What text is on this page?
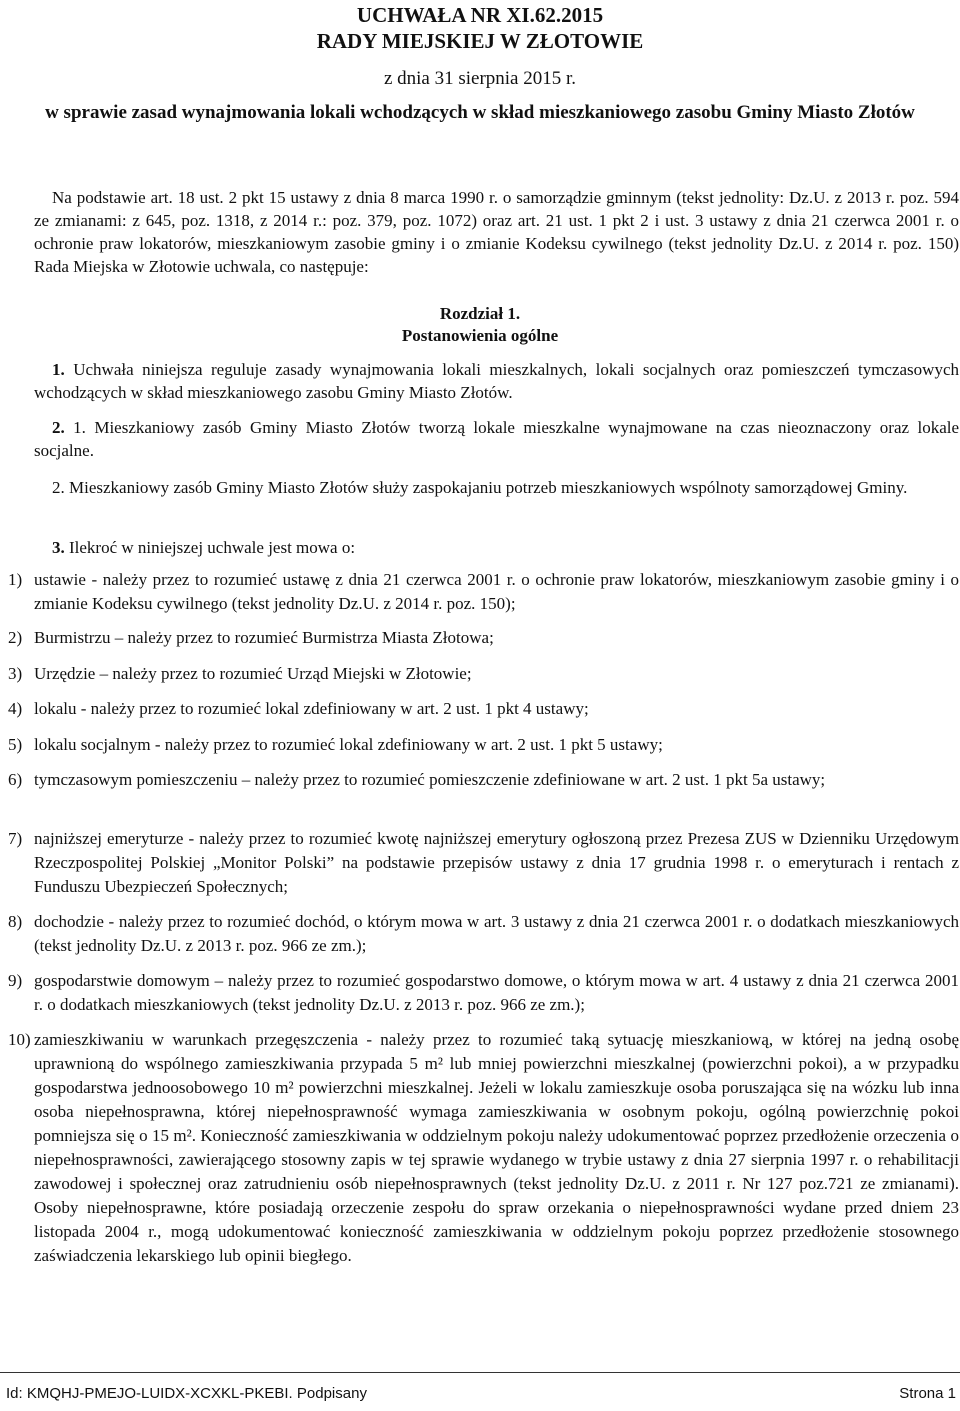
UCHWAŁA NR XI.62.2015
RADY MIEJSKIEJ W ZŁOTOWIE
z dnia 31 sierpnia 2015 r.
w sprawie zasad wynajmowania lokali wchodzących w skład mieszkaniowego zasobu Gminy Miasto Złotów
Na podstawie art. 18 ust. 2 pkt 15 ustawy z dnia 8 marca 1990 r. o samorządzie gminnym (tekst jednolity: Dz.U. z 2013 r. poz. 594 ze zmianami: z 645, poz. 1318, z 2014 r.: poz. 379, poz. 1072) oraz art. 21 ust. 1 pkt 2 i ust. 3 ustawy z dnia 21 czerwca 2001 r. o ochronie praw lokatorów, mieszkaniowym zasobie gminy i o zmianie Kodeksu cywilnego (tekst jednolity Dz.U. z 2014 r. poz. 150) Rada Miejska w Złotowie uchwala, co następuje:
Rozdział 1.
Postanowienia ogólne
1. Uchwała niniejsza reguluje zasady wynajmowania lokali mieszkalnych, lokali socjalnych oraz pomieszczeń tymczasowych wchodzących w skład mieszkaniowego zasobu Gminy Miasto Złotów.
2. 1. Mieszkaniowy zasób Gminy Miasto Złotów tworzą lokale mieszkalne wynajmowane na czas nieoznaczony oraz lokale socjalne.
2. Mieszkaniowy zasób Gminy Miasto Złotów służy zaspokajaniu potrzeb mieszkaniowych wspólnoty samorządowej Gminy.
3. Ilekroć w niniejszej uchwale jest mowa o:
1) ustawie - należy przez to rozumieć ustawę z dnia 21 czerwca 2001 r. o ochronie praw lokatorów, mieszkaniowym zasobie gminy i o zmianie Kodeksu cywilnego (tekst jednolity Dz.U. z 2014 r. poz. 150);
2) Burmistrzu – należy przez to rozumieć Burmistrza Miasta Złotowa;
3) Urzędzie – należy przez to rozumieć Urząd Miejski w Złotowie;
4) lokalu - należy przez to rozumieć lokal zdefiniowany w art. 2 ust. 1 pkt 4 ustawy;
5) lokalu socjalnym - należy przez to rozumieć lokal zdefiniowany w art. 2 ust. 1 pkt 5 ustawy;
6) tymczasowym pomieszczeniu – należy przez to rozumieć pomieszczenie zdefiniowane w art. 2 ust. 1 pkt 5a ustawy;
7) najniższej emeryturze - należy przez to rozumieć kwotę najniższej emerytury ogłoszoną przez Prezesa ZUS w Dzienniku Urzędowym Rzeczpospolitej Polskiej „Monitor Polski” na podstawie przepisów ustawy z dnia 17 grudnia 1998 r. o emeryturach i rentach z Funduszu Ubezpieczeń Społecznych;
8) dochodzie - należy przez to rozumieć dochód, o którym mowa w art. 3 ustawy z dnia 21 czerwca 2001 r. o dodatkach mieszkaniowych (tekst jednolity Dz.U. z 2013 r. poz. 966 ze zm.);
9) gospodarstwie domowym – należy przez to rozumieć gospodarstwo domowe, o którym mowa w art. 4 ustawy z dnia 21 czerwca 2001 r. o dodatkach mieszkaniowych (tekst jednolity Dz.U. z 2013 r. poz. 966 ze zm.);
10) zamieszkiwaniu w warunkach przegęszczenia - należy przez to rozumieć taką sytuację mieszkaniową, w której na jedną osobę uprawnioną do wspólnego zamieszkiwania przypada 5 m² lub mniej powierzchni mieszkalnej (powierzchni pokoi), a w przypadku gospodarstwa jednoosobowego 10 m² powierzchni mieszkalnej. Jeżeli w lokalu zamieszkuje osoba poruszająca się na wózku lub inna osoba niepełnosprawna, której niepełnosprawność wymaga zamieszkiwania w osobnym pokoju, ogólną powierzchnię pokoi pomniejsza się o 15 m². Konieczność zamieszkiwania w oddzielnym pokoju należy udokumentować poprzez przedłożenie orzeczenia o niepełnosprawności, zawierającego stosowny zapis w tej sprawie wydanego w trybie ustawy z dnia 27 sierpnia 1997 r. o rehabilitacji zawodowej i społecznej oraz zatrudnieniu osób niepełnosprawnych (tekst jednolity Dz.U. z 2011 r. Nr 127 poz.721 ze zmianami). Osoby niepełnosprawne, które posiadają orzeczenie zespołu do spraw orzekania o niepełnosprawności wydane przed dniem 23 listopada 2004 r., mogą udokumentować konieczność zamieszkiwania w oddzielnym pokoju poprzez przedłożenie stosownego zaświadczenia lekarskiego lub opinii biegłego.
Id: KMQHJ-PMEJO-LUIDX-XCXKL-PKEBI. Podpisany	Strona 1
